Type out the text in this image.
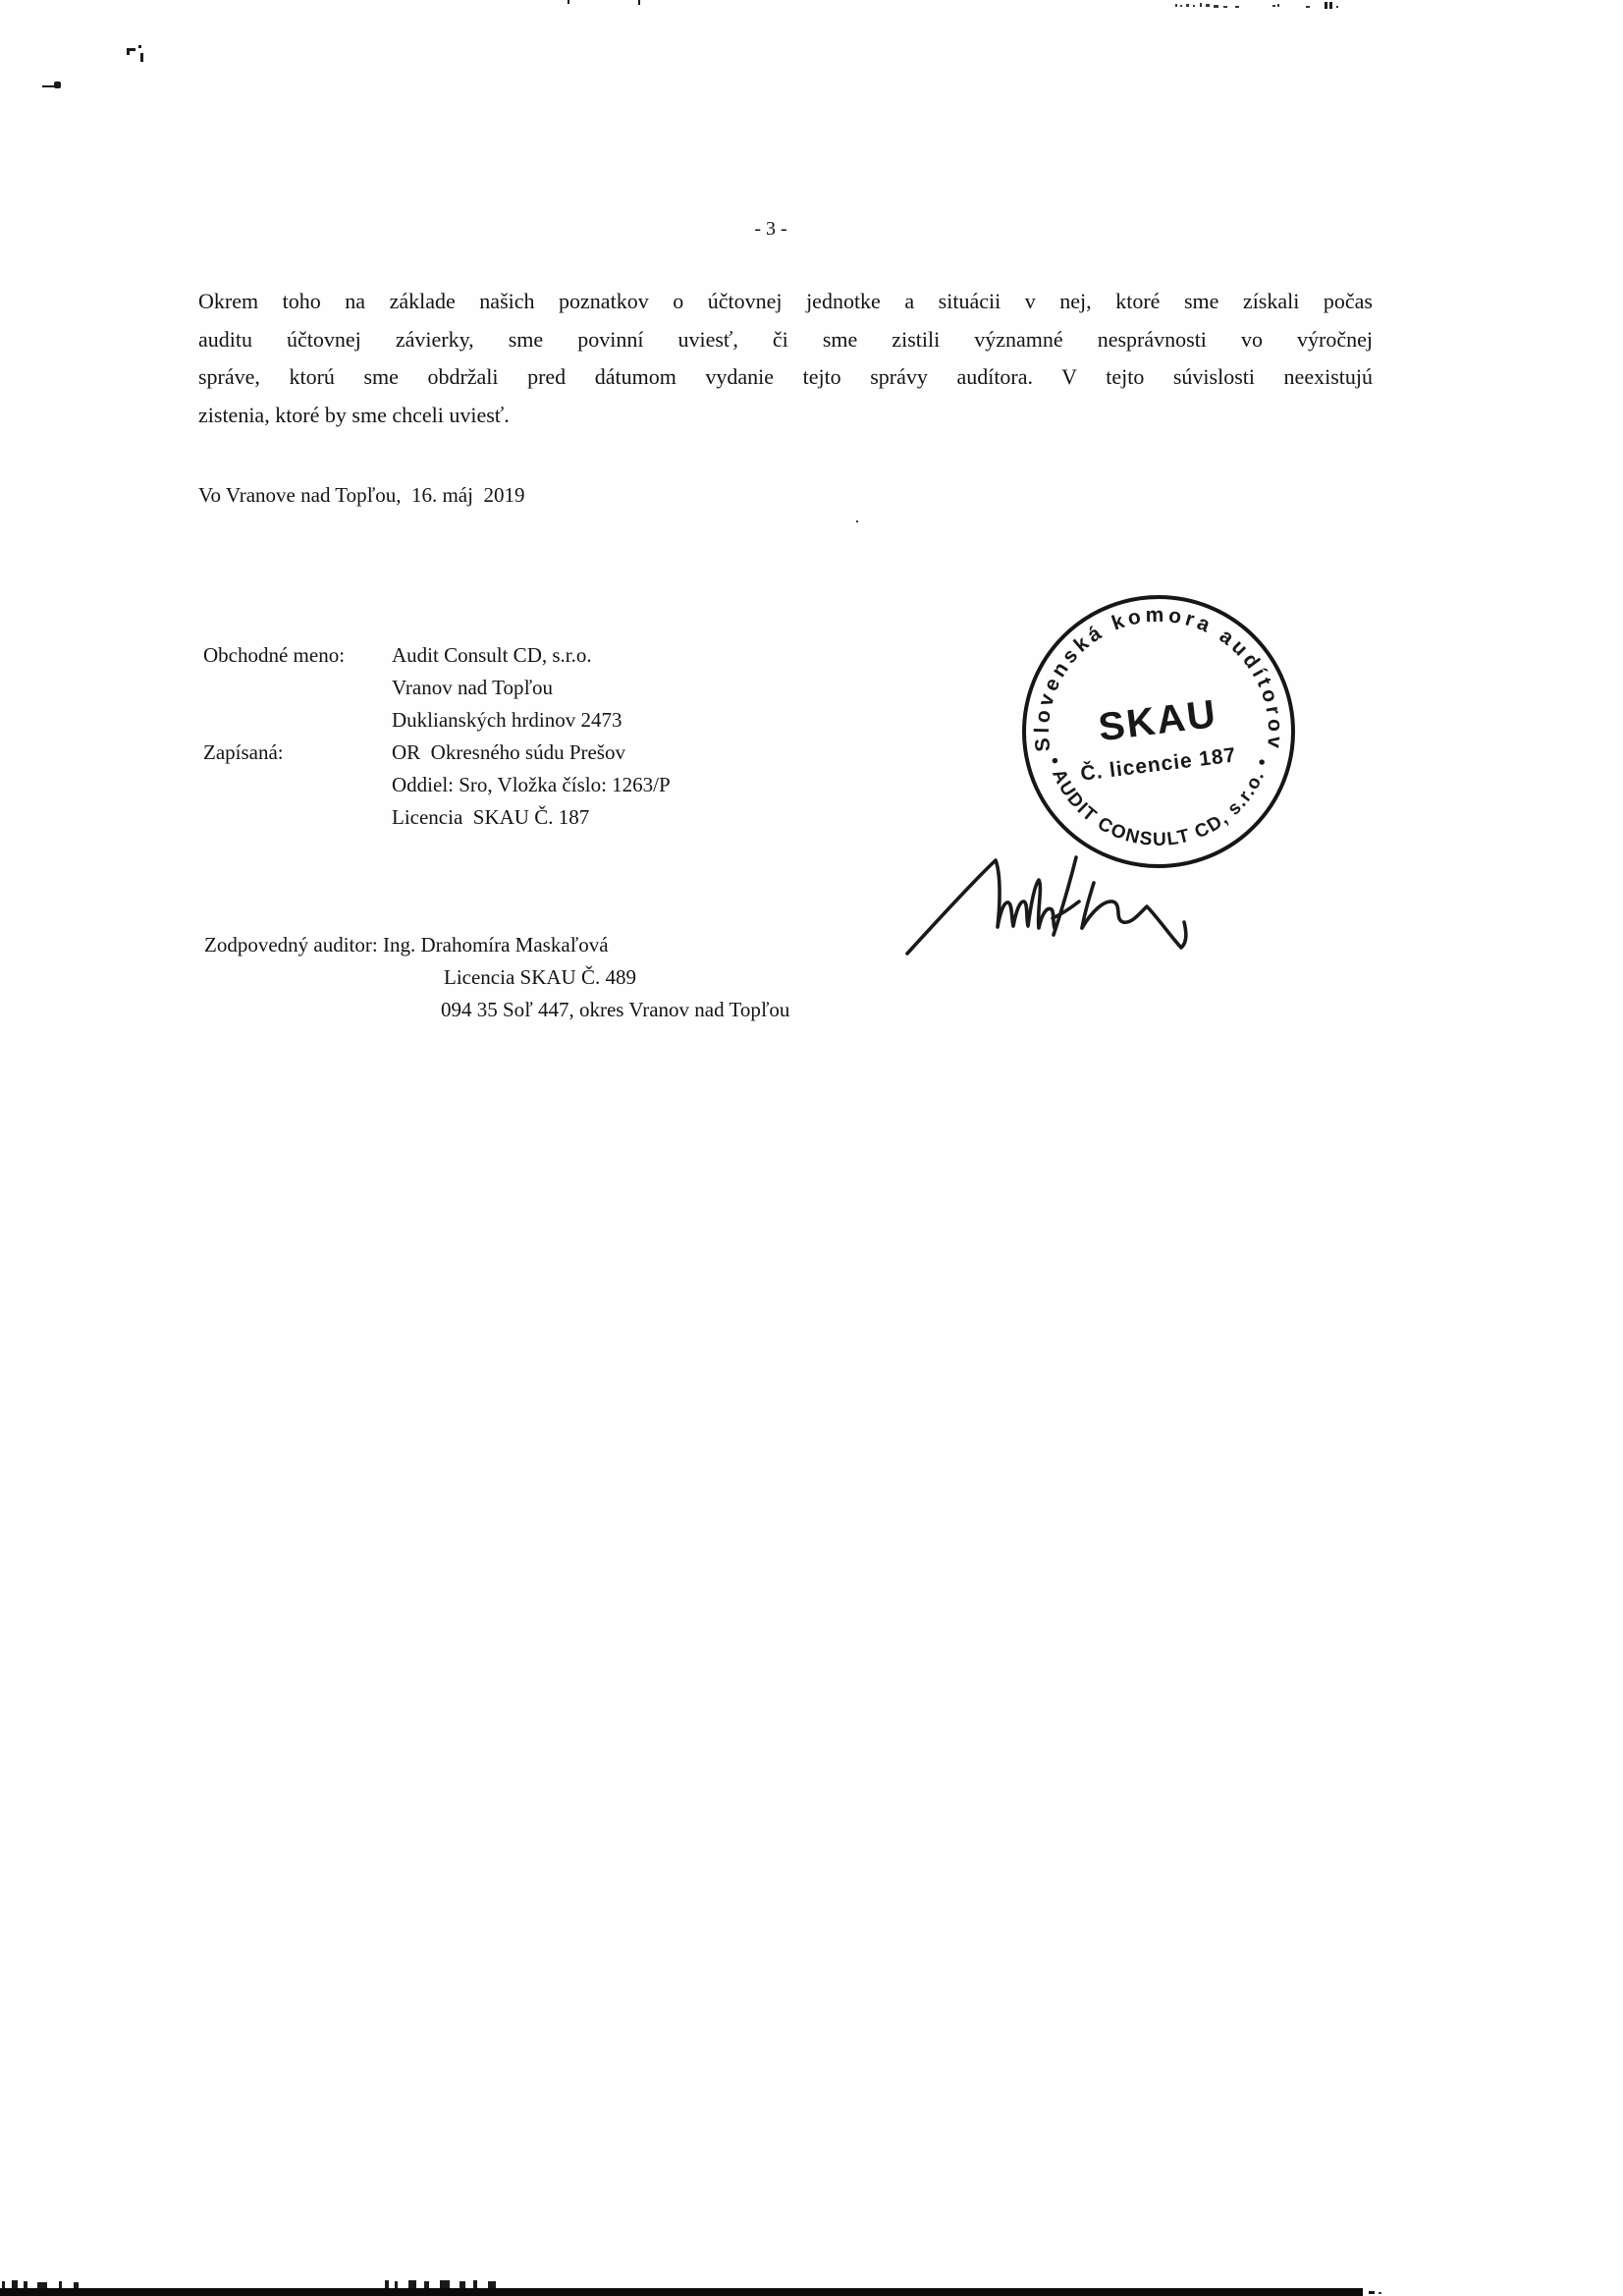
- 3 -
Okrem toho na základe našich poznatkov o účtovnej jednotke a situácii v nej, ktoré sme získali počas
auditu účtovnej závierky, sme povinní uviesť, či sme zistili významné nesprávnosti vo výročnej
správe, ktorú sme obdržali pred dátumom vydanie tejto správy audítora. V tejto súvislosti neexistujú
zistenia, ktoré by sme chceli uviesť.
Vo Vranove nad Topľou,  16. máj  2019
Obchodné meno: Audit Consult CD, s.r.o.
Vranov nad Topľou
Duklianských hrdinov 2473
Zapísaná:	OR  Okresného súdu Prešov
Oddiel: Sro, Vložka číslo: 1263/P
Licencia  SKAU Č. 187
Zodpovedný auditor: Ing. Drahomíra Maskaľová
Licencia SKAU Č. 489
094 35 Soľ 447, okres Vranov nad Topľou
Slovenská komora audítorov
• AUDIT CONSULT CD, s.r.o. •
SKAU
Č. licencie 187
